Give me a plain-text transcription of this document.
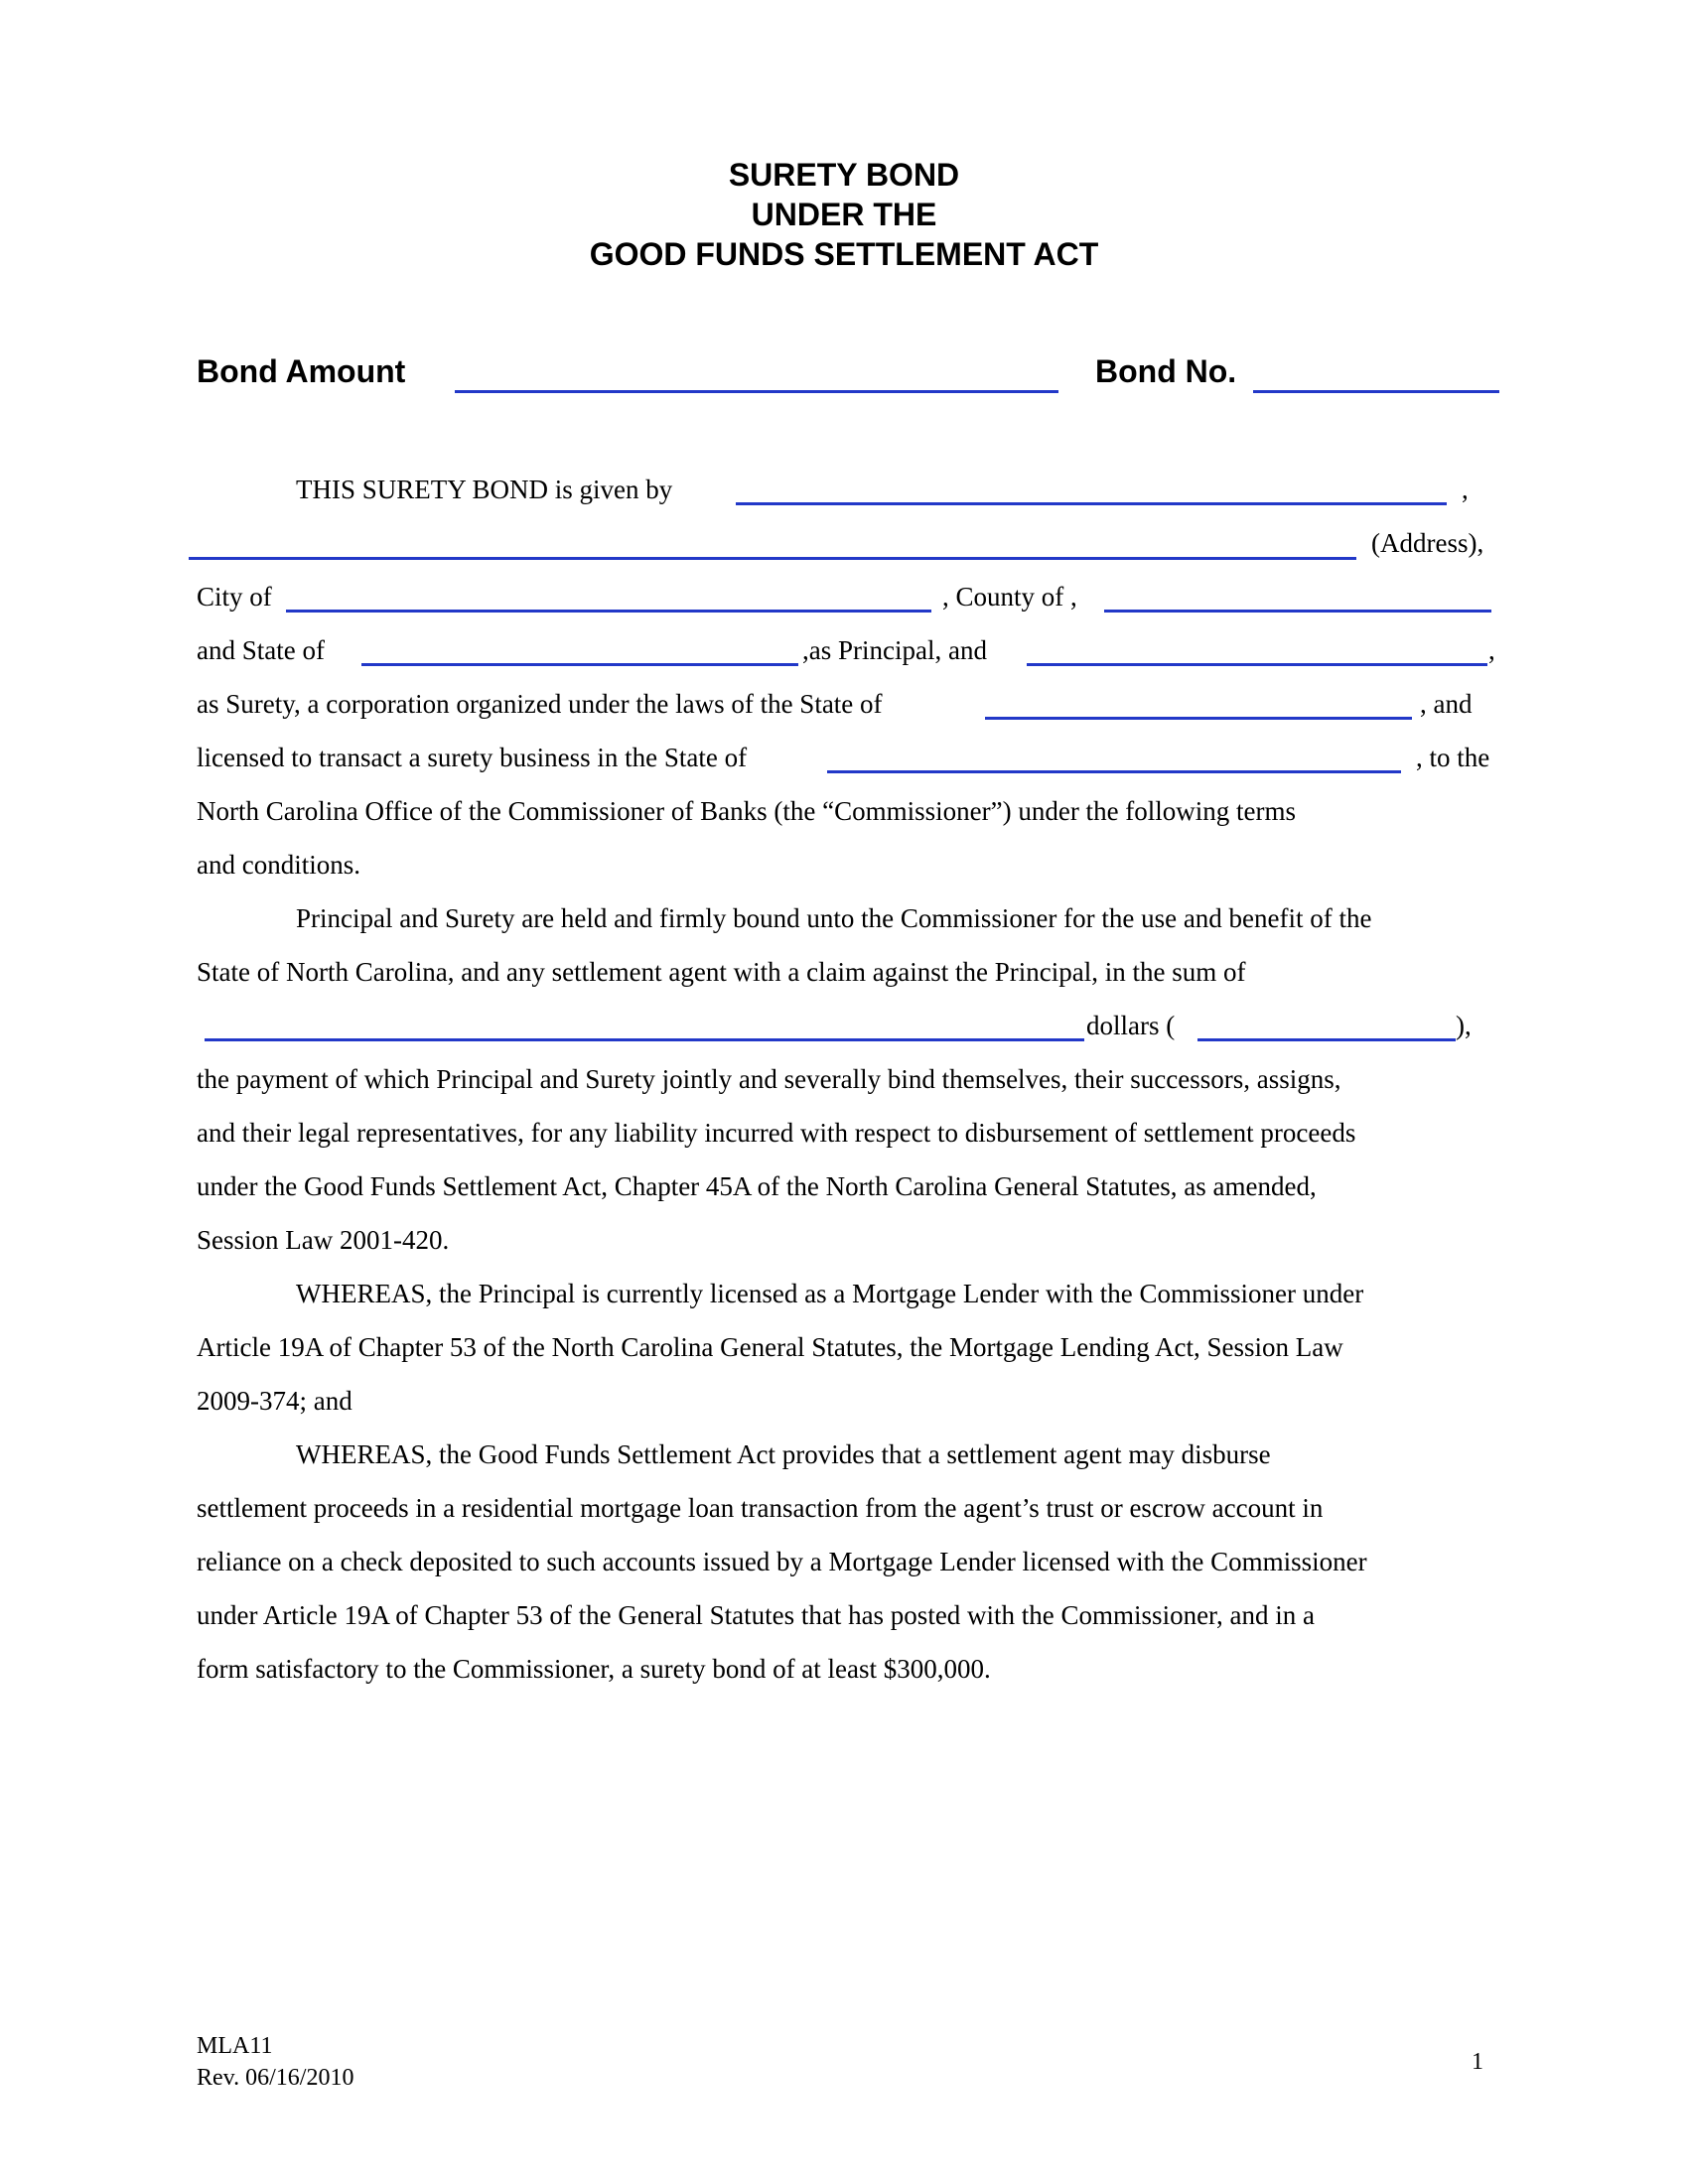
SURETY BOND
UNDER THE
GOOD FUNDS SETTLEMENT ACT
Bond Amount	Bond No.
THIS SURETY BOND is given by	,
(Address),
City of	, County of ,
and State of	,as Principal, and	,
as Surety, a corporation organized under the laws of the State of	, and
licensed to transact a surety business in the State of	, to the
North Carolina Office of the Commissioner of Banks (the “Commissioner”) under the following terms
and conditions.
Principal and Surety are held and firmly bound unto the Commissioner for the use and benefit of the
State of North Carolina, and any settlement agent with a claim against the Principal, in the sum of
dollars (	),
the payment of which Principal and Surety jointly and severally bind themselves, their successors, assigns,
and their legal representatives, for any liability incurred with respect to disbursement of settlement proceeds
under the Good Funds Settlement Act, Chapter 45A of the North Carolina General Statutes, as amended,
Session Law 2001-420.
WHEREAS, the Principal is currently licensed as a Mortgage Lender with the Commissioner under
Article 19A of Chapter 53 of the North Carolina General Statutes, the Mortgage Lending Act, Session Law
2009-374; and
WHEREAS, the Good Funds Settlement Act provides that a settlement agent may disburse
settlement proceeds in a residential mortgage loan transaction from the agent’s trust or escrow account in
reliance on a check deposited to such accounts issued by a Mortgage Lender licensed with the Commissioner
under Article 19A of Chapter 53 of the General Statutes that has posted with the Commissioner, and in a
form satisfactory to the Commissioner, a surety bond of at least $300,000.
MLA11
Rev. 06/16/2010
1
